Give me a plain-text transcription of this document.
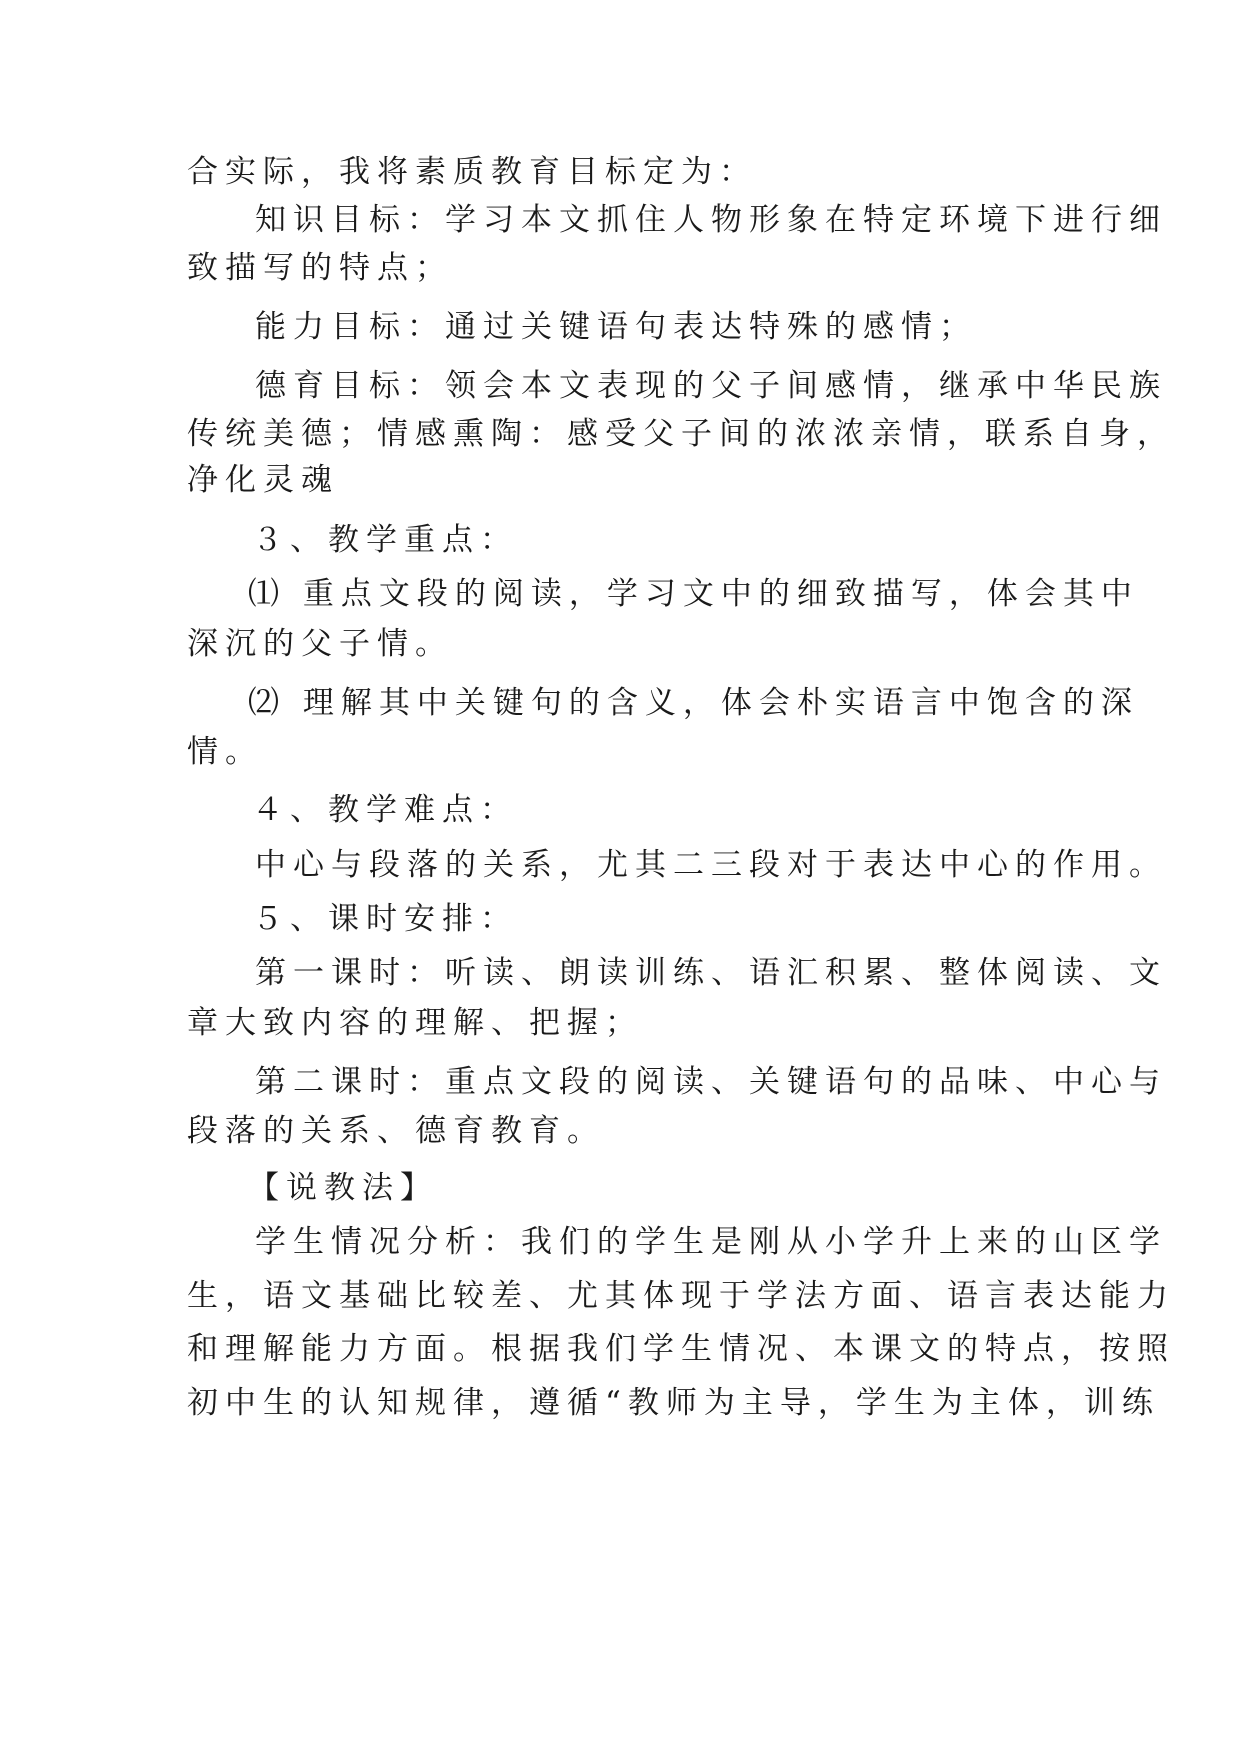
合实际，我将素质教育目标定为：
知识目标：学习本文抓住人物形象在特定环境下进行细
致描写的特点；
能力目标：通过关键语句表达特殊的感情；
德育目标：领会本文表现的父子间感情，继承中华民族
传统美德；情感熏陶：感受父子间的浓浓亲情，联系自身，
净化灵魂
３、教学重点：
⑴ 重点文段的阅读，学习文中的细致描写，体会其中
深沉的父子情。
⑵ 理解其中关键句的含义，体会朴实语言中饱含的深
情。
４、教学难点：
中心与段落的关系，尤其二三段对于表达中心的作用。
５、课时安排：
第一课时：听读、朗读训练、语汇积累、整体阅读、文
章大致内容的理解、把握；
第二课时：重点文段的阅读、关键语句的品味、中心与
段落的关系、德育教育。
【说教法】
学生情况分析：我们的学生是刚从小学升上来的山区学
生，语文基础比较差、尤其体现于学法方面、语言表达能力
和理解能力方面。根据我们学生情况、本课文的特点，按照
初中生的认知规律，遵循“教师为主导，学生为主体，训练
